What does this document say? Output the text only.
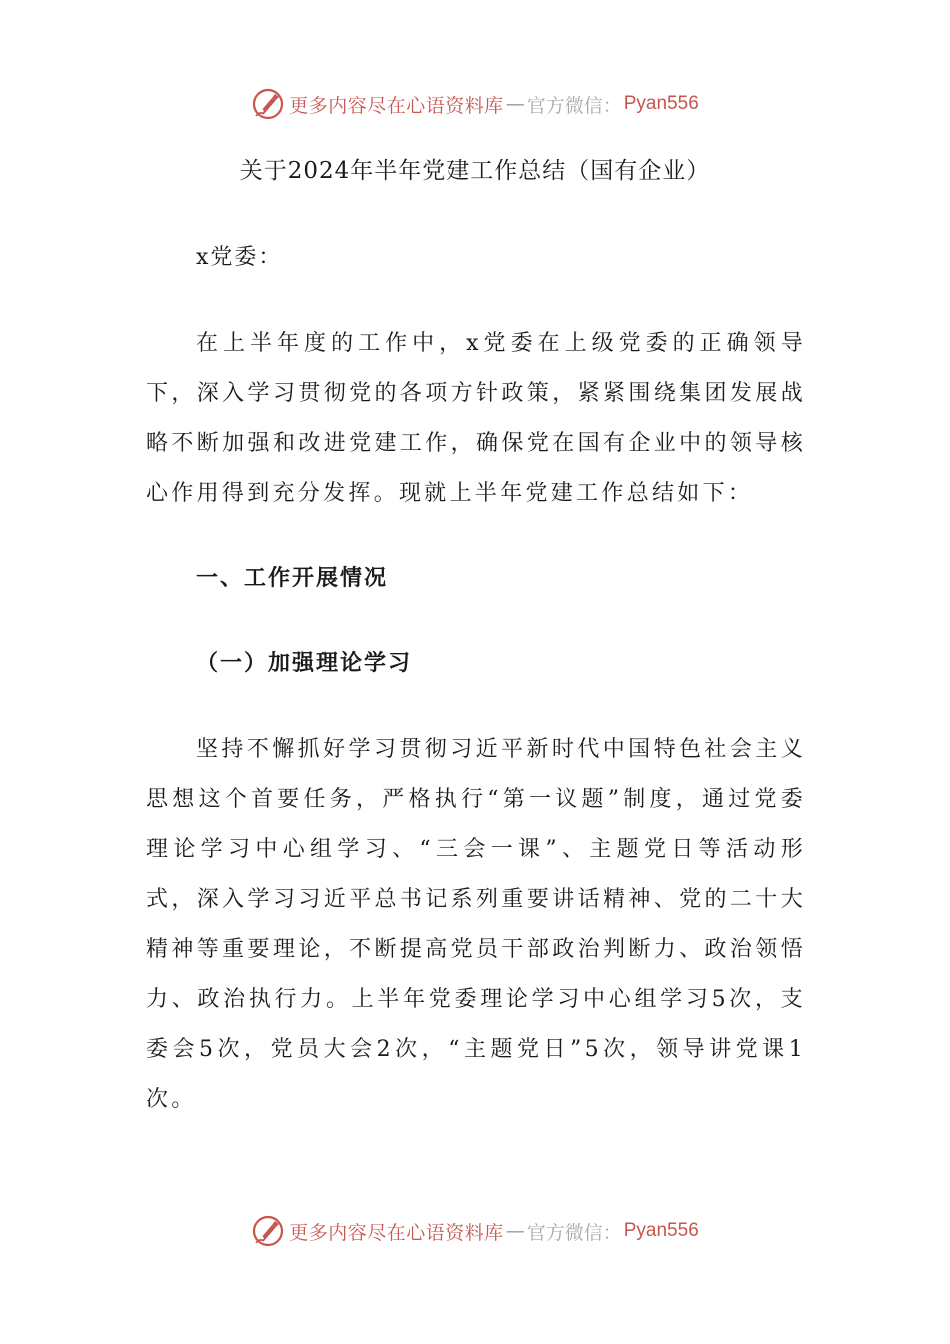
更多内容尽在心语资料库 — 官方微信： Pyan556
关于2024年半年党建工作总结（国有企业）
x党委：

在上半年度的工作中，x党委在上级党委的正确领导下，深入学习贯彻党的各项方针政策，紧紧围绕集团发展战略不断加强和改进党建工作，确保党在国有企业中的领导核心作用得到充分发挥。现就上半年党建工作总结如下：

一、工作开展情况
（一）加强理论学习

坚持不懈抓好学习贯彻习近平新时代中国特色社会主义思想这个首要任务，严格执行“第一议题”制度，通过党委理论学习中心组学习、“三会一课”、主题党日等活动形式，深入学习习近平总书记系列重要讲话精神、党的二十大精神等重要理论，不断提高党员干部政治判断力、政治领悟力、政治执行力。上半年党委理论学习中心组学习5次，支委会5次，党员大会2次，“主题党日”5次，领导讲党课1次。

更多内容尽在心语资料库 — 官方微信： Pyan556
